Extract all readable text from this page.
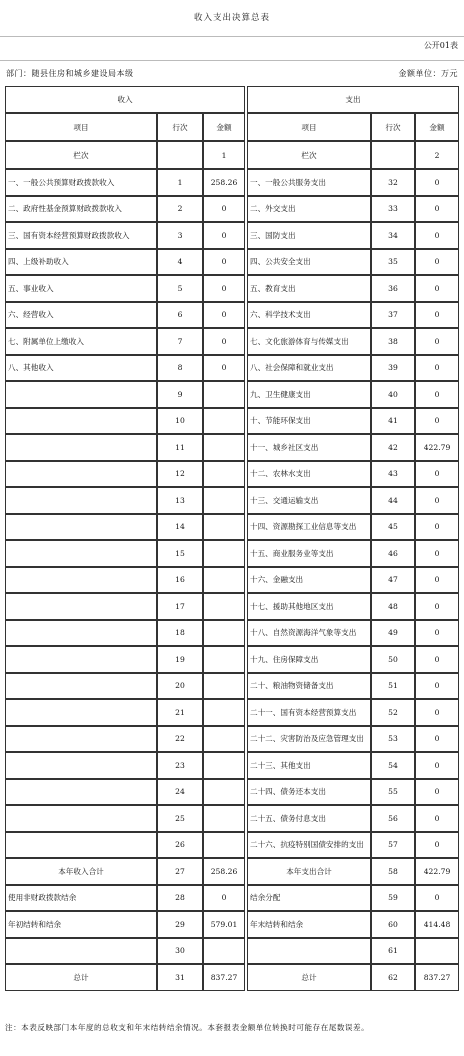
收入支出决算总表
公开01表
部门：随县住房和城乡建设局本级	金额单位：万元
收入				支出		
项目	行次	金额		项目	行次	金额
栏次		1		栏次		2
一、一般公共预算财政拨款收入	1	258.26		一、一般公共服务支出	32	0
二、政府性基金预算财政拨款收入	2	0		二、外交支出	33	0
三、国有资本经营预算财政拨款收入	3	0		三、国防支出	34	0
四、上级补助收入	4	0		四、公共安全支出	35	0
五、事业收入	5	0		五、教育支出	36	0
六、经营收入	6	0		六、科学技术支出	37	0
七、附属单位上缴收入	7	0		七、文化旅游体育与传媒支出	38	0
八、其他收入	8	0		八、社会保障和就业支出	39	0
	9			九、卫生健康支出	40	0
	10			十、节能环保支出	41	0
	11			十一、城乡社区支出	42	422.79
	12			十二、农林水支出	43	0
	13			十三、交通运输支出	44	0
	14			十四、资源勘探工业信息等支出	45	0
	15			十五、商业服务业等支出	46	0
	16			十六、金融支出	47	0
	17			十七、援助其他地区支出	48	0
	18			十八、自然资源海洋气象等支出	49	0
	19			十九、住房保障支出	50	0
	20			二十、粮油物资储备支出	51	0
	21			二十一、国有资本经营预算支出	52	0
	22			二十二、灾害防治及应急管理支出	53	0
	23			二十三、其他支出	54	0
	24			二十四、债务还本支出	55	0
	25			二十五、债务付息支出	56	0
	26			二十六、抗疫特别国债安排的支出	57	0
本年收入合计	27	258.26		本年支出合计	58	422.79
使用非财政拨款结余	28	0		结余分配	59	0
年初结转和结余	29	579.01		年末结转和结余	60	414.48
	30				61	
总计	31	837.27		总计	62	837.27
注：本表反映部门本年度的总收支和年末结转结余情况。本套报表金额单位转换时可能存在尾数误差。
